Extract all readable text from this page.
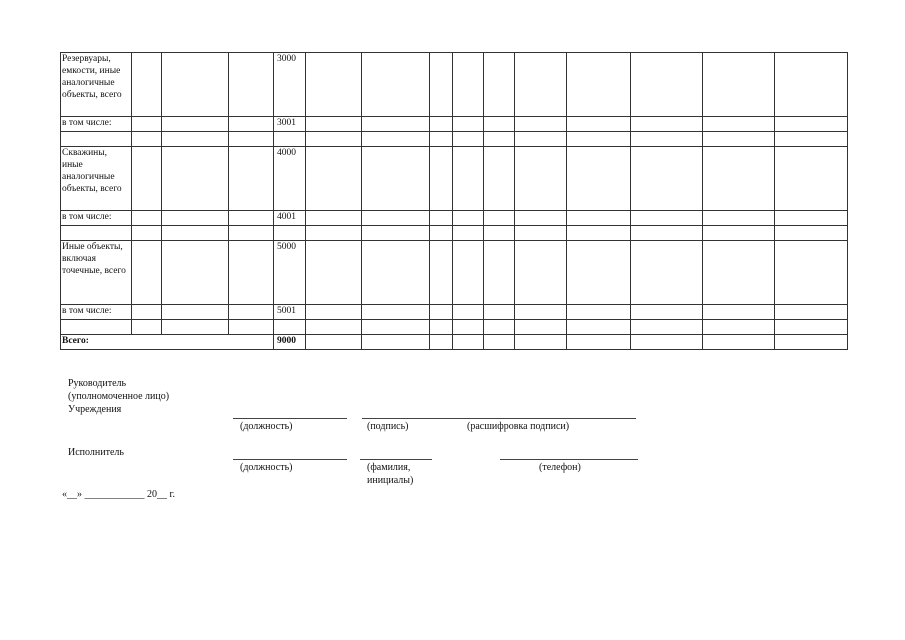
Резервуары, емкости, иные аналогичные объекты, всего				3000										
в том числе:				3001										

Скважины, иные аналогичные объекты, всего				4000										
в том числе:				4001										

Иные объекты, включая точечные, всего				5000										
в том числе:				5001										

Всего:				9000										
Руководитель
(уполномоченное лицо)
Учреждения
(должность)	(подпись)	(расшифровка подписи)
Исполнитель
(должность)	(фамилия,
инициалы)
(телефон)
«__» ____________ 20__ г.
